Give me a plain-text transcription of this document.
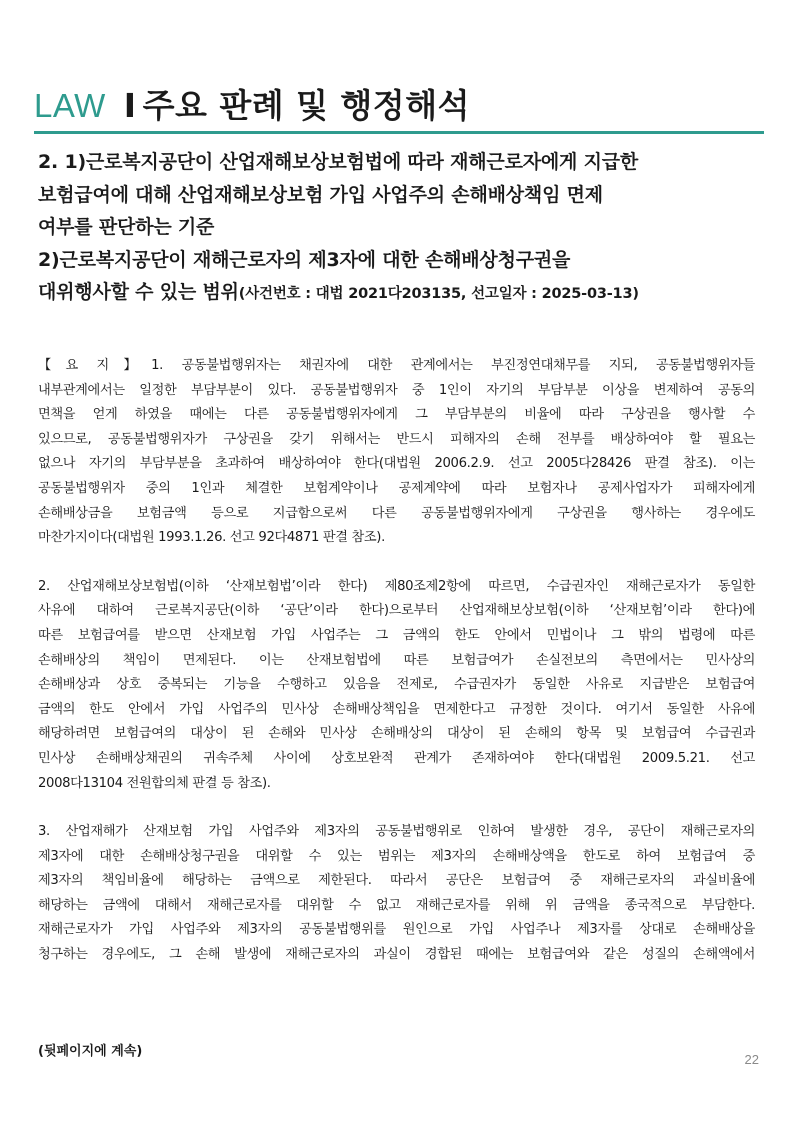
LAW I 주요 판례 및 행정해석
2. 1)근로복지공단이 산업재해보상보험법에 따라 재해근로자에게 지급한
보험급여에 대해 산업재해보상보험 가입 사업주의 손해배상책임 면제
여부를 판단하는 기준
2)근로복지공단이 재해근로자의 제3자에 대한 손해배상청구권을
대위행사할 수 있는 범위(사건번호 : 대법 2021다203135, 선고일자 : 2025-03-13)
【요 지】1. 공동불법행위자는 채권자에 대한 관계에서는 부진정연대채무를 지되, 공동불법행위자들
내부관계에서는 일정한 부담부분이 있다. 공동불법행위자 중 1인이 자기의 부담부분 이상을 변제하여 공동의
면책을 얻게 하였을 때에는 다른 공동불법행위자에게 그 부담부분의 비율에 따라 구상권을 행사할 수
있으므로, 공동불법행위자가 구상권을 갖기 위해서는 반드시 피해자의 손해 전부를 배상하여야 할 필요는
없으나 자기의 부담부분을 초과하여 배상하여야 한다(대법원 2006.2.9. 선고 2005다28426 판결 참조). 이는
공동불법행위자 중의 1인과 체결한 보험계약이나 공제계약에 따라 보험자나 공제사업자가 피해자에게
손해배상금을 보험금액 등으로 지급함으로써 다른 공동불법행위자에게 구상권을 행사하는 경우에도
마찬가지이다(대법원 1993.1.26. 선고 92다4871 판결 참조).
2. 산업재해보상보험법(이하 ‘산재보험법’이라 한다) 제80조제2항에 따르면, 수급권자인 재해근로자가 동일한
사유에 대하여 근로복지공단(이하 ‘공단’이라 한다)으로부터 산업재해보상보험(이하 ‘산재보험’이라 한다)에
따른 보험급여를 받으면 산재보험 가입 사업주는 그 금액의 한도 안에서 민법이나 그 밖의 법령에 따른
손해배상의 책임이 면제된다. 이는 산재보험법에 따른 보험급여가 손실전보의 측면에서는 민사상의
손해배상과 상호 중복되는 기능을 수행하고 있음을 전제로, 수급권자가 동일한 사유로 지급받은 보험급여
금액의 한도 안에서 가입 사업주의 민사상 손해배상책임을 면제한다고 규정한 것이다. 여기서 동일한 사유에
해당하려면 보험급여의 대상이 된 손해와 민사상 손해배상의 대상이 된 손해의 항목 및 보험급여 수급권과
민사상 손해배상채권의 귀속주체 사이에 상호보완적 관계가 존재하여야 한다(대법원 2009.5.21. 선고
2008다13104 전원합의체 판결 등 참조).
3. 산업재해가 산재보험 가입 사업주와 제3자의 공동불법행위로 인하여 발생한 경우, 공단이 재해근로자의
제3자에 대한 손해배상청구권을 대위할 수 있는 범위는 제3자의 손해배상액을 한도로 하여 보험급여 중
제3자의 책임비율에 해당하는 금액으로 제한된다. 따라서 공단은 보험급여 중 재해근로자의 과실비율에
해당하는 금액에 대해서 재해근로자를 대위할 수 없고 재해근로자를 위해 위 금액을 종국적으로 부담한다.
재해근로자가 가입 사업주와 제3자의 공동불법행위를 원인으로 가입 사업주나 제3자를 상대로 손해배상을
청구하는 경우에도, 그 손해 발생에 재해근로자의 과실이 경합된 때에는 보험급여와 같은 성질의 손해액에서
(뒷페이지에 계속)
22
